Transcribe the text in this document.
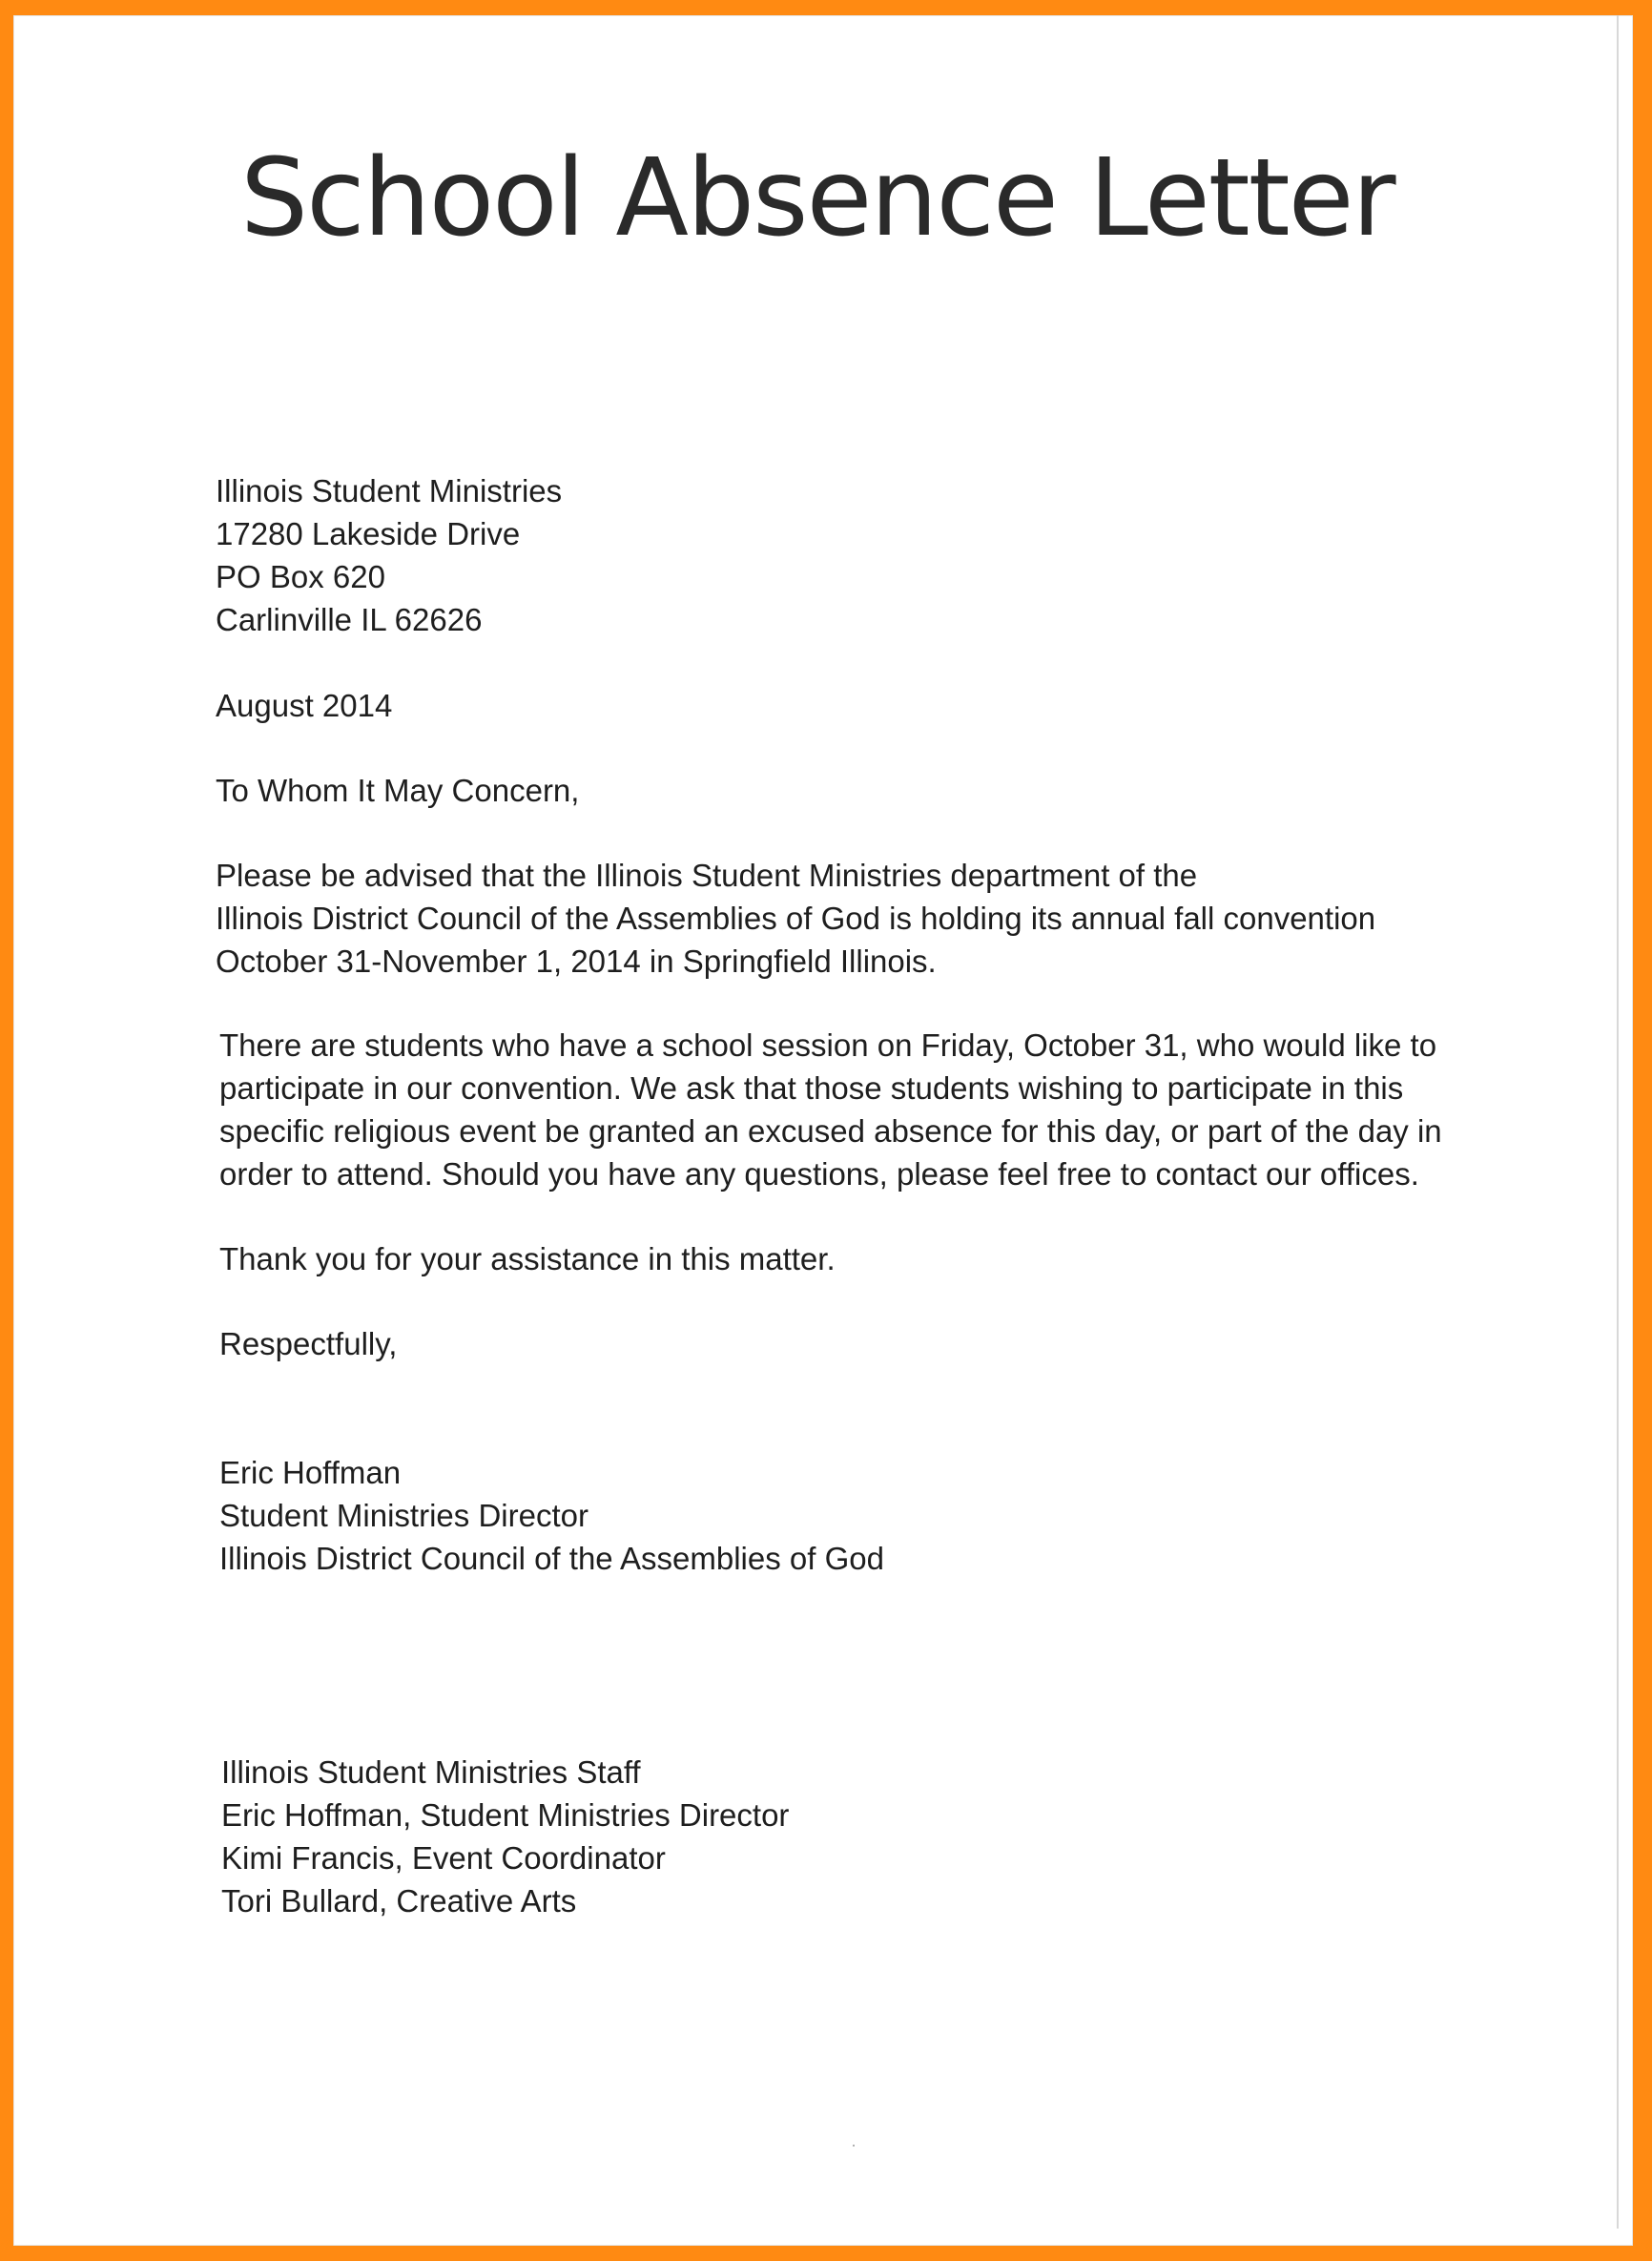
School Absence Letter
Illinois Student Ministries
17280 Lakeside Drive
PO Box 620
Carlinville IL 62626
August 2014
To Whom It May Concern,
Please be advised that the Illinois Student Ministries department of the
Illinois District Council of the Assemblies of God is holding its annual fall convention
October 31-November 1, 2014 in Springfield Illinois.
There are students who have a school session on Friday, October 31, who would like to
participate in our convention. We ask that those students wishing to participate in this
specific religious event be granted an excused absence for this day, or part of the day in
order to attend. Should you have any questions, please feel free to contact our offices.
Thank you for your assistance in this matter.
Respectfully,
Eric Hoffman
Student Ministries Director
Illinois District Council of the Assemblies of God
Illinois Student Ministries Staff
Eric Hoffman, Student Ministries Director
Kimi Francis, Event Coordinator
Tori Bullard, Creative Arts
